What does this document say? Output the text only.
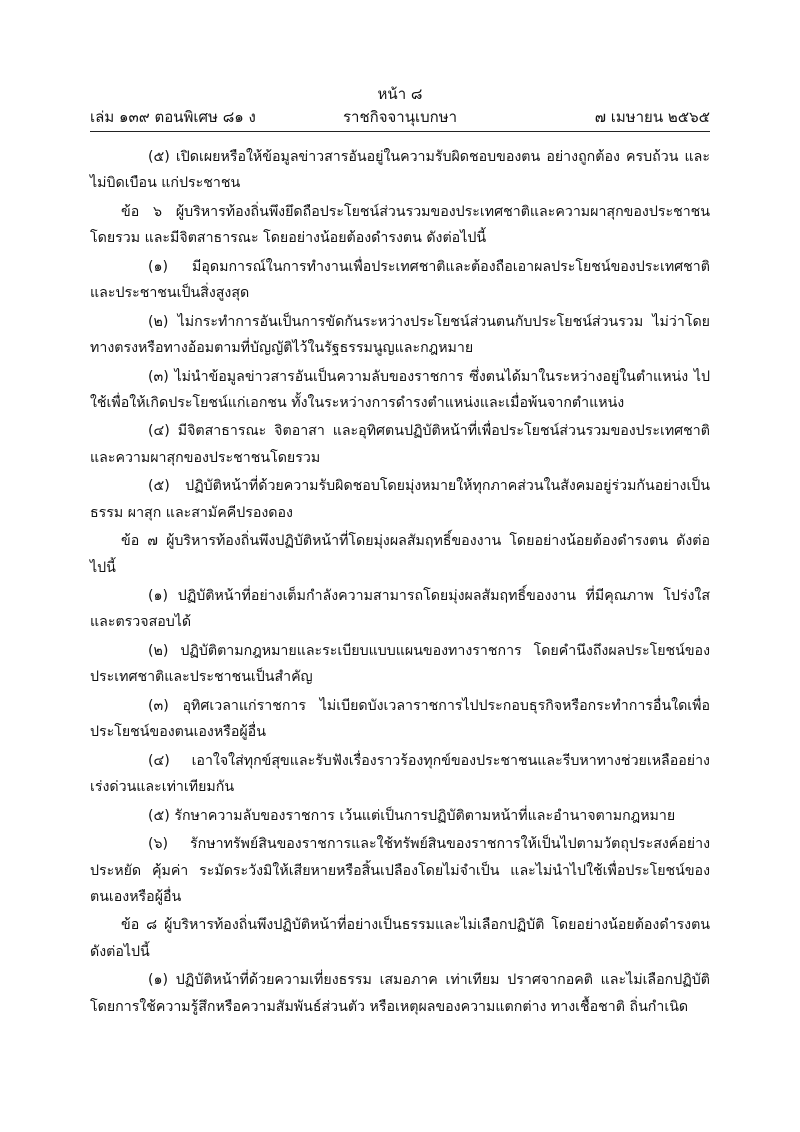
หน้า ๘
เล่ม ๑๓๙ ตอนพิเศษ ๘๑ ง	ราชกิจจานุเบกษา	๗ เมษายน ๒๕๖๕

(๕) เปิดเผยหรือให้ข้อมูลข่าวสารอันอยู่ในความรับผิดชอบของตน อย่างถูกต้อง ครบถ้วน และไม่บิดเบือน แก่ประชาชน

ข้อ ๖ ผู้บริหารท้องถิ่นพึงยึดถือประโยชน์ส่วนรวมของประเทศชาติและความผาสุกของประชาชนโดยรวม และมีจิตสาธารณะ โดยอย่างน้อยต้องดำรงตน ดังต่อไปนี้

(๑) มีอุดมการณ์ในการทำงานเพื่อประเทศชาติและต้องถือเอาผลประโยชน์ของประเทศชาติและประชาชนเป็นสิ่งสูงสุด

(๒) ไม่กระทำการอันเป็นการขัดกันระหว่างประโยชน์ส่วนตนกับประโยชน์ส่วนรวม ไม่ว่าโดยทางตรงหรือทางอ้อมตามที่บัญญัติไว้ในรัฐธรรมนูญและกฎหมาย

(๓) ไม่นำข้อมูลข่าวสารอันเป็นความลับของราชการ ซึ่งตนได้มาในระหว่างอยู่ในตำแหน่ง ไปใช้เพื่อให้เกิดประโยชน์แก่เอกชน ทั้งในระหว่างการดำรงตำแหน่งและเมื่อพ้นจากตำแหน่ง

(๔) มีจิตสาธารณะ จิตอาสา และอุทิศตนปฏิบัติหน้าที่เพื่อประโยชน์ส่วนรวมของประเทศชาติและความผาสุกของประชาชนโดยรวม

(๕) ปฏิบัติหน้าที่ด้วยความรับผิดชอบโดยมุ่งหมายให้ทุกภาคส่วนในสังคมอยู่ร่วมกันอย่างเป็นธรรม ผาสุก และสามัคคีปรองดอง

ข้อ ๗ ผู้บริหารท้องถิ่นพึงปฏิบัติหน้าที่โดยมุ่งผลสัมฤทธิ์ของงาน โดยอย่างน้อยต้องดำรงตน ดังต่อไปนี้

(๑) ปฏิบัติหน้าที่อย่างเต็มกำลังความสามารถโดยมุ่งผลสัมฤทธิ์ของงาน ที่มีคุณภาพ โปร่งใส และตรวจสอบได้

(๒) ปฏิบัติตามกฎหมายและระเบียบแบบแผนของทางราชการ โดยคำนึงถึงผลประโยชน์ของประเทศชาติและประชาชนเป็นสำคัญ

(๓) อุทิศเวลาแก่ราชการ ไม่เบียดบังเวลาราชการไปประกอบธุรกิจหรือกระทำการอื่นใดเพื่อประโยชน์ของตนเองหรือผู้อื่น

(๔) เอาใจใส่ทุกข์สุขและรับฟังเรื่องราวร้องทุกข์ของประชาชนและรีบหาทางช่วยเหลืออย่างเร่งด่วนและเท่าเทียมกัน

(๕) รักษาความลับของราชการ เว้นแต่เป็นการปฏิบัติตามหน้าที่และอำนาจตามกฎหมาย

(๖) รักษาทรัพย์สินของราชการและใช้ทรัพย์สินของราชการให้เป็นไปตามวัตถุประสงค์อย่างประหยัด คุ้มค่า ระมัดระวังมิให้เสียหายหรือสิ้นเปลืองโดยไม่จำเป็น และไม่นำไปใช้เพื่อประโยชน์ของตนเองหรือผู้อื่น

ข้อ ๘ ผู้บริหารท้องถิ่นพึงปฏิบัติหน้าที่อย่างเป็นธรรมและไม่เลือกปฏิบัติ โดยอย่างน้อยต้องดำรงตน ดังต่อไปนี้

(๑) ปฏิบัติหน้าที่ด้วยความเที่ยงธรรม เสมอภาค เท่าเทียม ปราศจากอคติ และไม่เลือกปฏิบัติโดยการใช้ความรู้สึกหรือความสัมพันธ์ส่วนตัว หรือเหตุผลของความแตกต่าง ทางเชื้อชาติ ถิ่นกำเนิด
